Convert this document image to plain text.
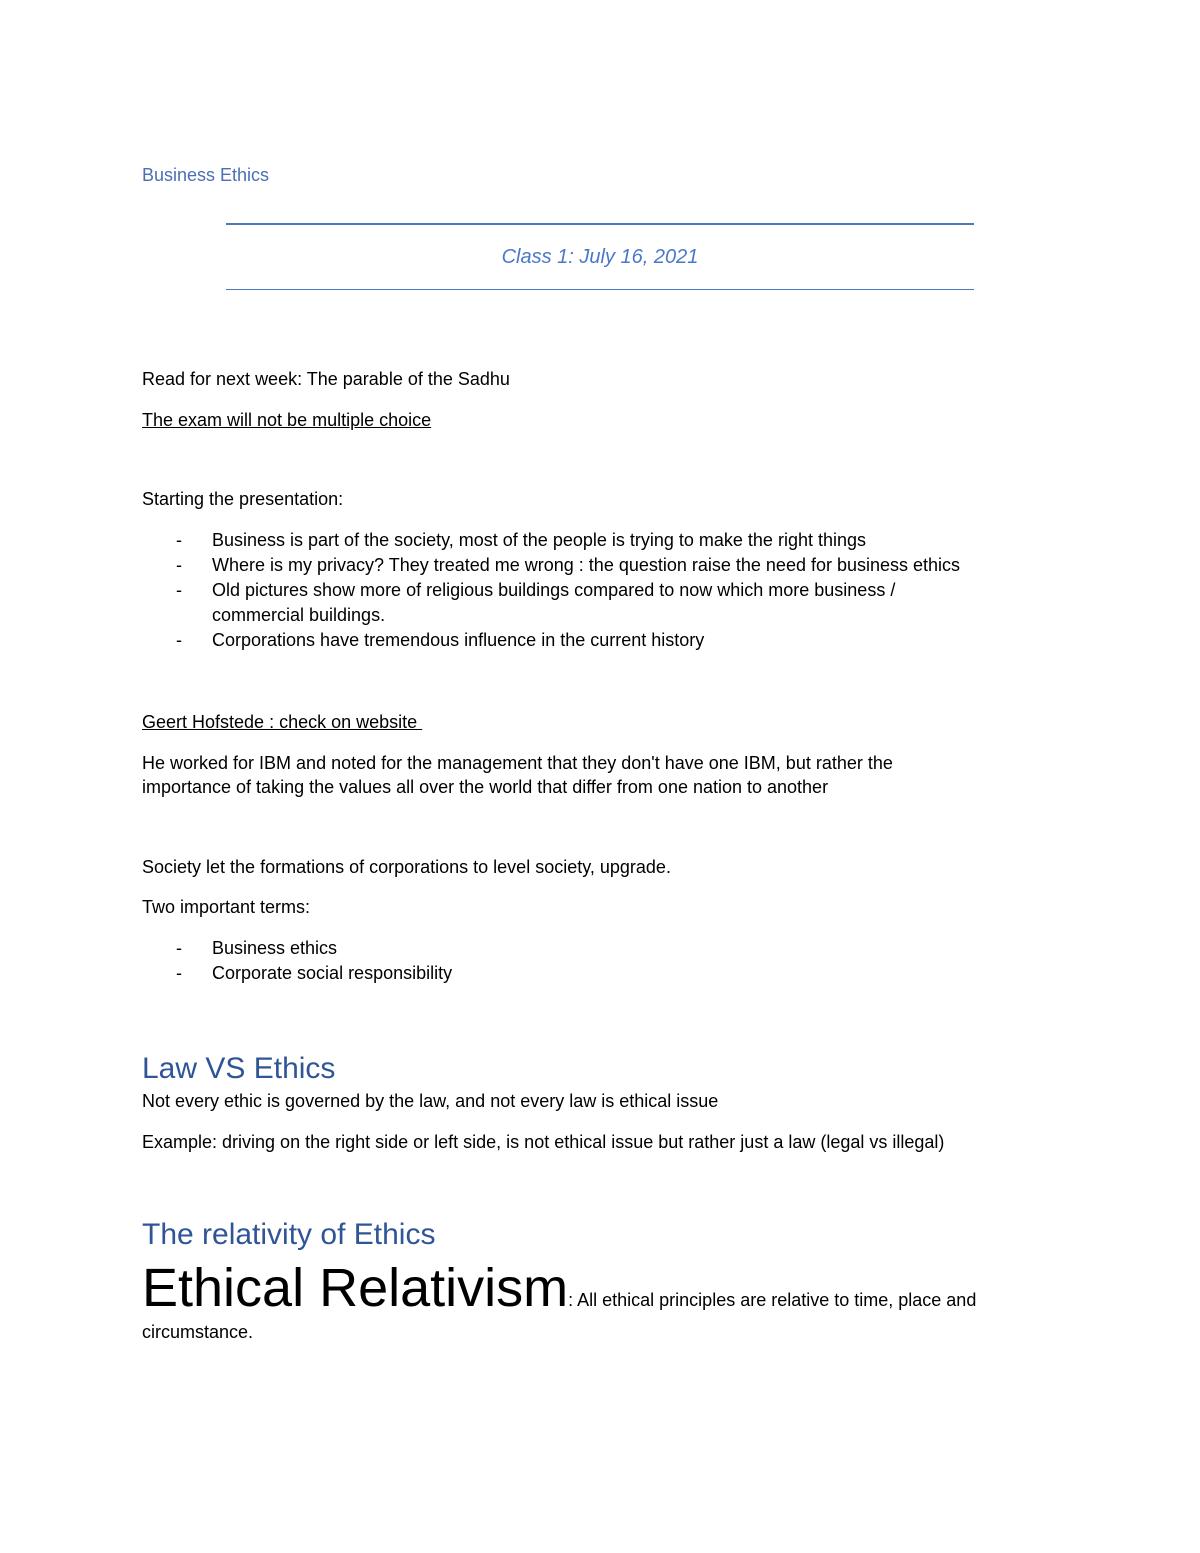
Business Ethics
Class 1: July 16, 2021
Read for next week: The parable of the Sadhu
The exam will not be multiple choice
Starting the presentation:
- Business is part of the society, most of the people is trying to make the right things
- Where is my privacy? They treated me wrong : the question raise the need for business ethics
- Old pictures show more of religious buildings compared to now which more business / commercial buildings.
- Corporations have tremendous influence in the current history
Geert Hofstede : check on website
He worked for IBM and noted for the management that they don't have one IBM, but rather the importance of taking the values all over the world that differ from one nation to another
Society let the formations of corporations to level society, upgrade.
Two important terms:
- Business ethics
- Corporate social responsibility
Law VS Ethics
Not every ethic is governed by the law, and not every law is ethical issue
Example: driving on the right side or left side, is not ethical issue but rather just a law (legal vs illegal)
The relativity of Ethics
Ethical Relativism: All ethical principles are relative to time, place and
circumstance.
